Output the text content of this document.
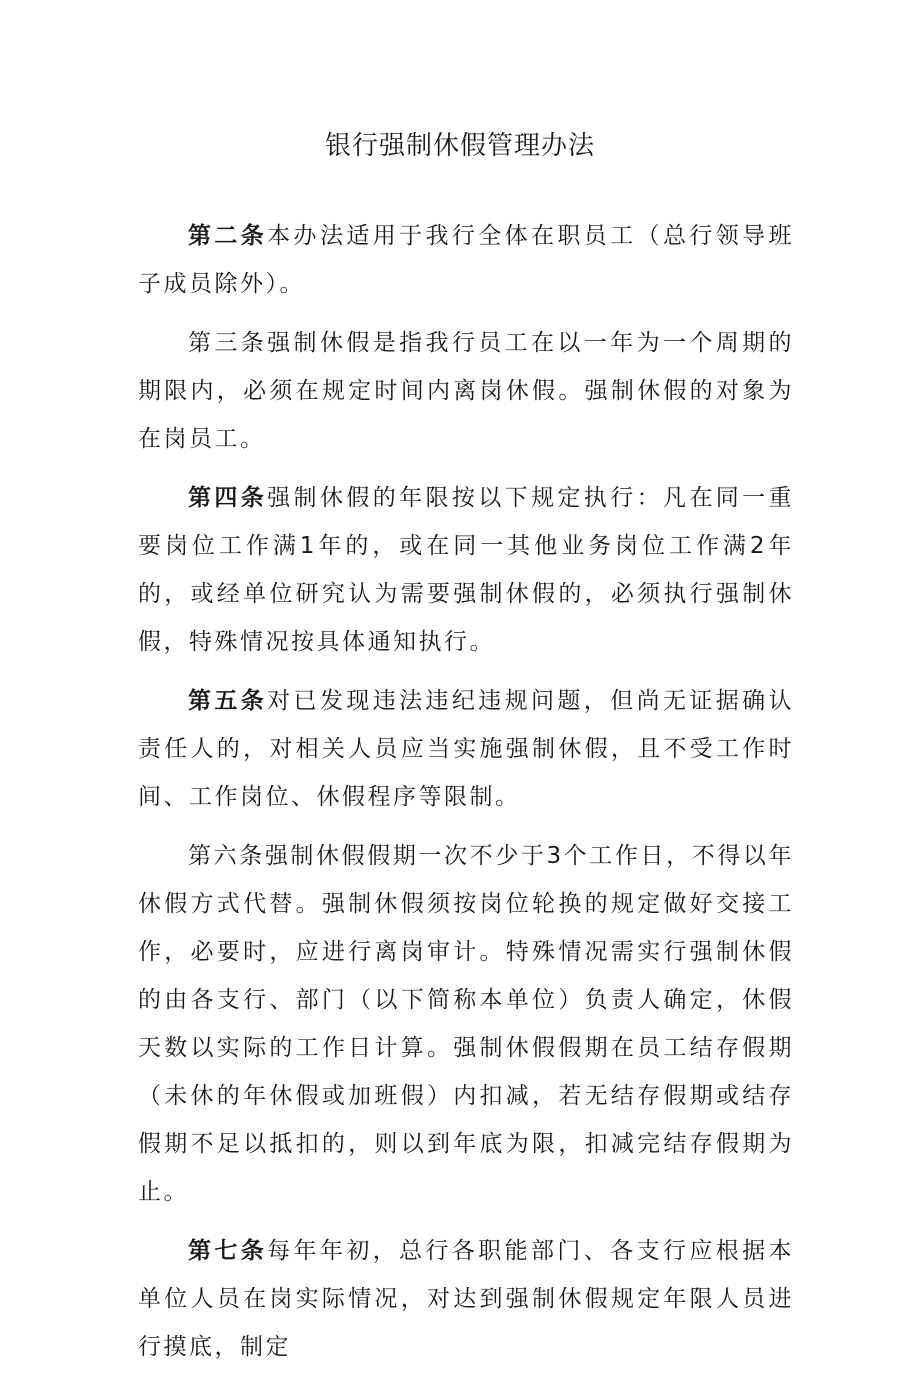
银行强制休假管理办法

第二条本办法适用于我行全体在职员工（总行领导班子成员除外）。

第三条强制休假是指我行员工在以一年为一个周期的期限内，必须在规定时间内离岗休假。强制休假的对象为在岗员工。

第四条强制休假的年限按以下规定执行：凡在同一重要岗位工作满1年的，或在同一其他业务岗位工作满2年的，或经单位研究认为需要强制休假的，必须执行强制休假，特殊情况按具体通知执行。

第五条对已发现违法违纪违规问题，但尚无证据确认责任人的，对相关人员应当实施强制休假，且不受工作时间、工作岗位、休假程序等限制。

第六条强制休假假期一次不少于3个工作日，不得以年休假方式代替。强制休假须按岗位轮换的规定做好交接工作，必要时，应进行离岗审计。特殊情况需实行强制休假的由各支行、部门（以下简称本单位）负责人确定，休假天数以实际的工作日计算。强制休假假期在员工结存假期（未休的年休假或加班假）内扣减，若无结存假期或结存假期不足以抵扣的，则以到年底为限，扣减完结存假期为止。

第七条每年年初，总行各职能部门、各支行应根据本单位人员在岗实际情况，对达到强制休假规定年限人员进行摸底，制定
